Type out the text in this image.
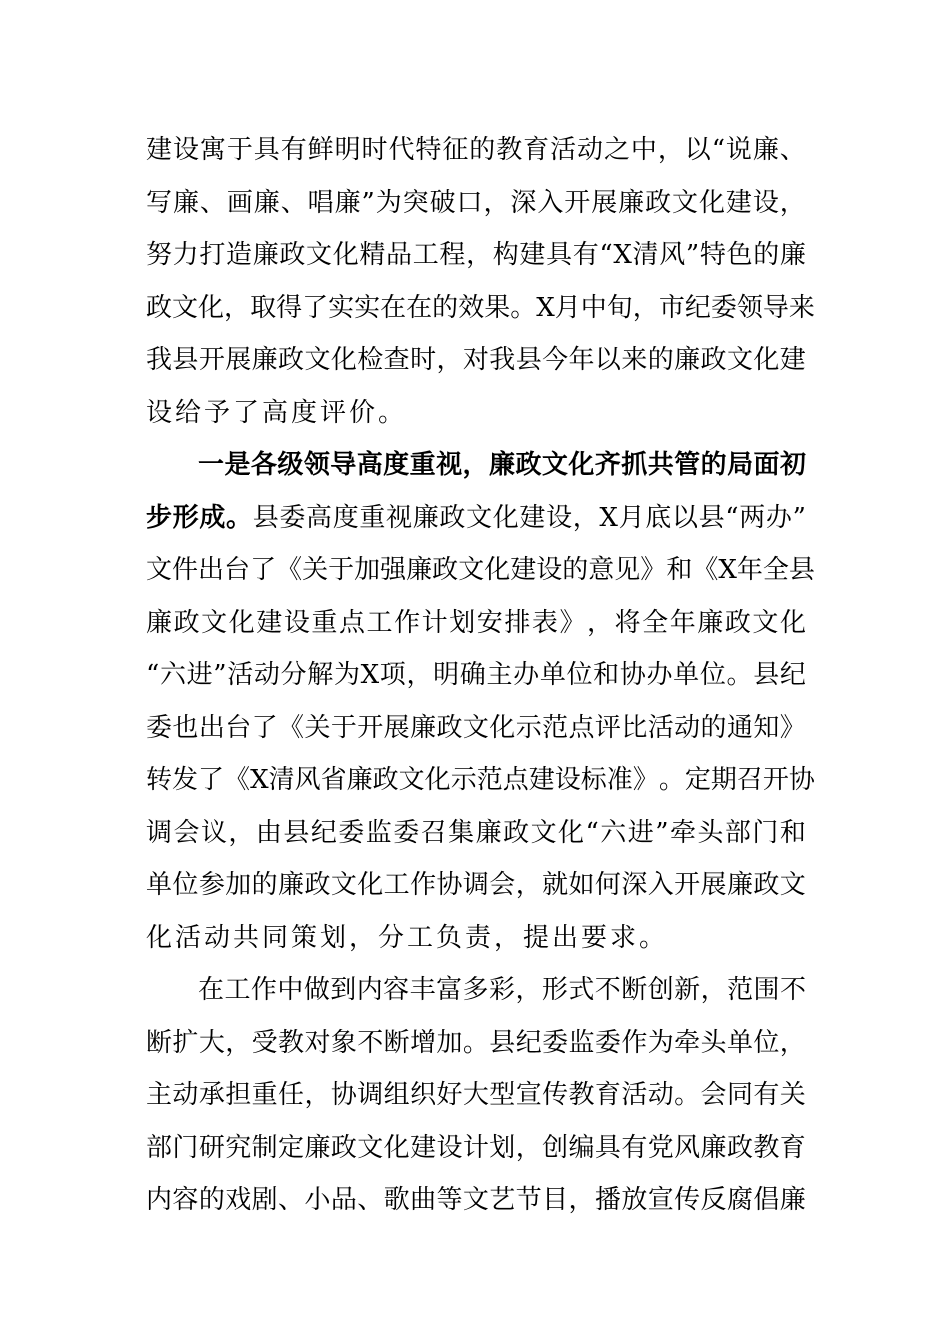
建 设 寓 于 具 有 鲜 明 时 代 特 征 的 教 育 活 动 之 中 ， 以 “ 说 廉 、
写 廉 、 画 廉 、 唱 廉 ” 为 突 破 口 ， 深 入 开 展 廉 政 文 化 建 设 ，
努 力 打 造 廉 政 文 化 精 品 工 程 ， 构 建 具 有 “ X 清 风 ” 特 色 的 廉
政 文 化 ， 取 得 了 实 实 在 在 的 效 果 。 X 月 中 旬 ， 市 纪 委 领 导 来
我 县 开 展 廉 政 文 化 检 查 时 ， 对 我 县 今 年 以 来 的 廉 政 文 化 建
设给予了高度评价。
一 是 各 级 领 导 高 度 重 视 ， 廉 政 文 化 齐 抓 共 管 的 局 面 初
步 形 成 。 县 委 高 度 重 视 廉 政 文 化 建 设 ， X 月 底 以 县 “ 两 办 ”
文 件 出 台 了 《 关 于 加 强 廉 政 文 化 建 设 的 意 见 》 和 《 X 年 全 县
廉 政 文 化 建 设 重 点 工 作 计 划 安 排 表 》 ， 将 全 年 廉 政 文 化
“ 六 进 ” 活 动 分 解 为 X 项 ， 明 确 主 办 单 位 和 协 办 单 位 。 县 纪
委 也 出 台 了 《 关 于 开 展 廉 政 文 化 示 范 点 评 比 活 动 的 通 知 》
转 发 了 《 X 清 风 省 廉 政 文 化 示 范 点 建 设 标 准 》 。 定 期 召 开 协
调 会 议 ， 由 县 纪 委 监 委 召 集 廉 政 文 化 “ 六 进 ” 牵 头 部 门 和
单 位 参 加 的 廉 政 文 化 工 作 协 调 会 ， 就 如 何 深 入 开 展 廉 政 文
化活动共同策划，分工负责，提出要求。
在 工 作 中 做 到 内 容 丰 富 多 彩 ， 形 式 不 断 创 新 ， 范 围 不
断 扩 大 ， 受 教 对 象 不 断 增 加 。 县 纪 委 监 委 作 为 牵 头 单 位 ，
主 动 承 担 重 任 ， 协 调 组 织 好 大 型 宣 传 教 育 活 动 。 会 同 有 关
部 门 研 究 制 定 廉 政 文 化 建 设 计 划 ， 创 编 具 有 党 风 廉 政 教 育
内 容 的 戏 剧 、 小 品 、 歌 曲 等 文 艺 节 目 ， 播 放 宣 传 反 腐 倡 廉
